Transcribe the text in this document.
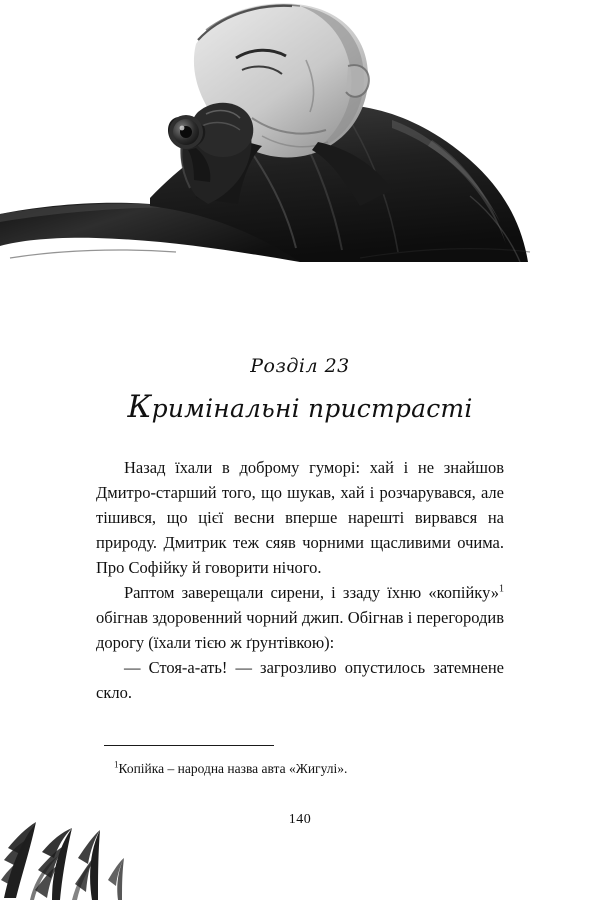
Розділ 23
Кримінальні пристрасті

Назад їхали в доброму гуморі: хай і не знайшов Дмитро-старший того, що шукав, хай і розчарувався, але тішився, що цієї весни вперше нарешті вирвався на природу. Дмитрик теж сяяв чорними щасливими очима. Про Софійку й говорити нічого.

Раптом заверещали сирени, і ззаду їхню «копійку»$^1$ обігнав здоровенний чорний джип. Обігнав і перегородив дорогу (їхали тією ж ґрунтівкою):

— Стоя-а-ать! — загрозливо опустилось затемнене скло.

$^1$Копійка – народна назва авта «Жигулі».

140
